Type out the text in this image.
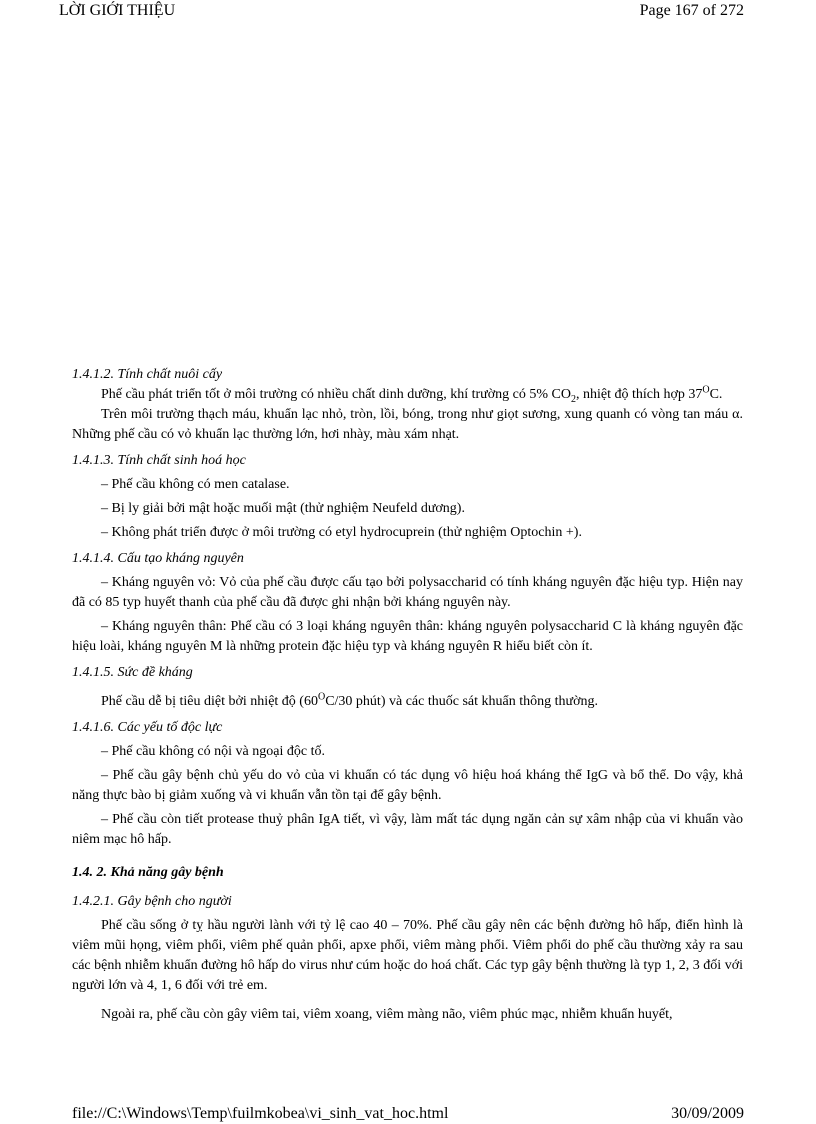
LỜI GIỚI THIỆU	Page 167 of 272

1.4.1.2. Tính chất nuôi cấy

Phế cầu phát triển tốt ở môi trường có nhiều chất dinh dưỡng, khí trường có 5% $CO_2$, nhiệt độ thích hợp $37^OC$.

Trên môi trường thạch máu, khuẩn lạc nhỏ, tròn, lồi, bóng, trong như giọt sương, xung quanh có vòng tan máu α. Những phế cầu có vỏ khuẩn lạc thường lớn, hơi nhày, màu xám nhạt.

1.4.1.3. Tính chất sinh hoá học

– Phế cầu không có men catalase.

– Bị ly giải bởi mật hoặc muối mật (thử nghiệm Neufeld dương).

– Không phát triển được ở môi trường có etyl hydrocuprein (thử nghiệm Optochin +).

1.4.1.4. Cấu tạo kháng nguyên

– Kháng nguyên vỏ: Vỏ của phế cầu được cấu tạo bởi polysaccharid có tính kháng nguyên đặc hiệu typ. Hiện nay đã có 85 typ huyết thanh của phế cầu đã được ghi nhận bởi kháng nguyên này.

– Kháng nguyên thân: Phế cầu có 3 loại kháng nguyên thân: kháng nguyên polysaccharid C là kháng nguyên đặc hiệu loài, kháng nguyên M là những protein đặc hiệu typ và kháng nguyên R hiểu biết còn ít.

1.4.1.5. Sức đề kháng

Phế cầu dễ bị tiêu diệt bởi nhiệt độ ($60^OC/30$ phút) và các thuốc sát khuẩn thông thường.

1.4.1.6. Các yếu tố độc lực

– Phế cầu không có nội và ngoại độc tố.

– Phế cầu gây bệnh chủ yếu do vỏ của vi khuẩn có tác dụng vô hiệu hoá kháng thể IgG và bổ thể. Do vậy, khả năng thực bào bị giảm xuống và vi khuẩn vẫn tồn tại để gây bệnh.

– Phế cầu còn tiết protease thuỷ phân IgA tiết, vì vậy, làm mất tác dụng ngăn cản sự xâm nhập của vi khuẩn vào niêm mạc hô hấp.

1.4. 2. Khả năng gây bệnh

1.4.2.1. Gây bệnh cho người

Phế cầu sống ở tỵ hầu người lành với tỷ lệ cao 40 – 70%. Phế cầu gây nên các bệnh đường hô hấp, điển hình là viêm mũi họng, viêm phổi, viêm phế quản phổi, apxe phổi, viêm màng phổi. Viêm phổi do phế cầu thường xảy ra sau các bệnh nhiễm khuẩn đường hô hấp do virus như cúm hoặc do hoá chất. Các typ gây bệnh thường là typ 1, 2, 3 đối với người lớn và 4, 1, 6 đối với trẻ em.

Ngoài ra, phế cầu còn gây viêm tai, viêm xoang, viêm màng não, viêm phúc mạc, nhiễm khuẩn huyết,

file://C:\Windows\Temp\fuilmkobea\vi_sinh_vat_hoc.html	30/09/2009
